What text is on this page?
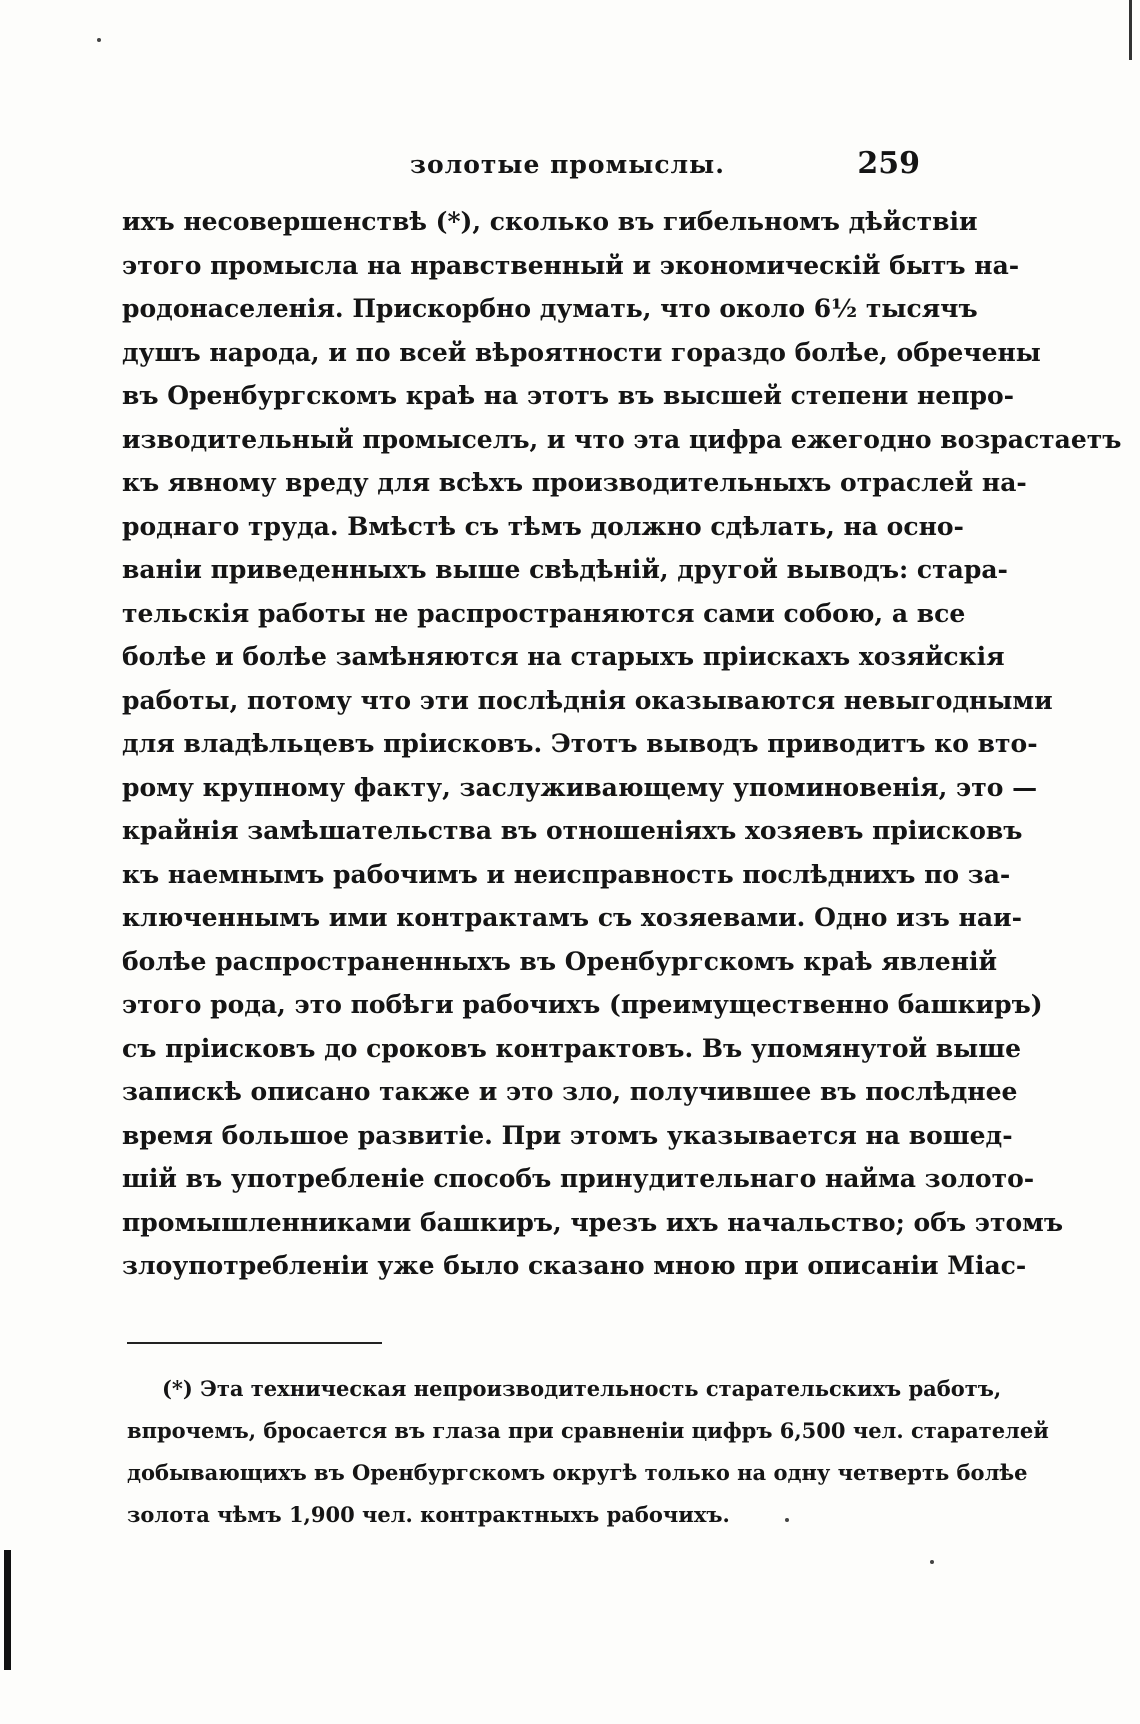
золотые промыслы.	259
ихъ несовершенствѣ (*), сколько въ гибельномъ дѣйствіи
этого промысла на нравственный и экономическій бытъ на-
родонаселенія. Прискорбно думать, что около 6½ тысячъ
душъ народа, и по всей вѣроятности гораздо болѣе, обречены
въ Оренбургскомъ краѣ на этотъ въ высшей степени непро-
изводительный промыселъ, и что эта цифра ежегодно возрастаетъ
къ явному вреду для всѣхъ производительныхъ отраслей на-
роднаго труда. Вмѣстѣ съ тѣмъ должно сдѣлать, на осно-
ваніи приведенныхъ выше свѣдѣній, другой выводъ: стара-
тельскія работы не распространяются сами собою, а все
болѣе и болѣе замѣняются на старыхъ пріискахъ хозяйскія
работы, потому что эти послѣднія оказываются невыгодными
для владѣльцевъ пріисковъ. Этотъ выводъ приводитъ ко вто-
рому крупному факту, заслуживающему упоминовенія, это —
крайнія замѣшательства въ отношеніяхъ хозяевъ пріисковъ
къ наемнымъ рабочимъ и неисправность послѣднихъ по за-
ключеннымъ ими контрактамъ съ хозяевами. Одно изъ наи-
болѣе распространенныхъ въ Оренбургскомъ краѣ явленій
этого рода, это побѣги рабочихъ (преимущественно башкиръ)
съ пріисковъ до сроковъ контрактовъ. Въ упомянутой выше
запискѣ описано также и это зло, получившее въ послѣднее
время большое развитіе. При этомъ указывается на вошед-
шій въ употребленіе способъ принудительнаго найма золото-
промышленниками башкиръ, чрезъ ихъ начальство; объ этомъ
злоупотребленіи уже было сказано мною при описаніи Міас-
(*) Эта техническая непроизводительность старательскихъ работъ,
впрочемъ, бросается въ глаза при сравненіи цифръ 6,500 чел. старателей
добывающихъ въ Оренбургскомъ округѣ только на одну четверть болѣе
золота чѣмъ 1,900 чел. контрактныхъ рабочихъ.
